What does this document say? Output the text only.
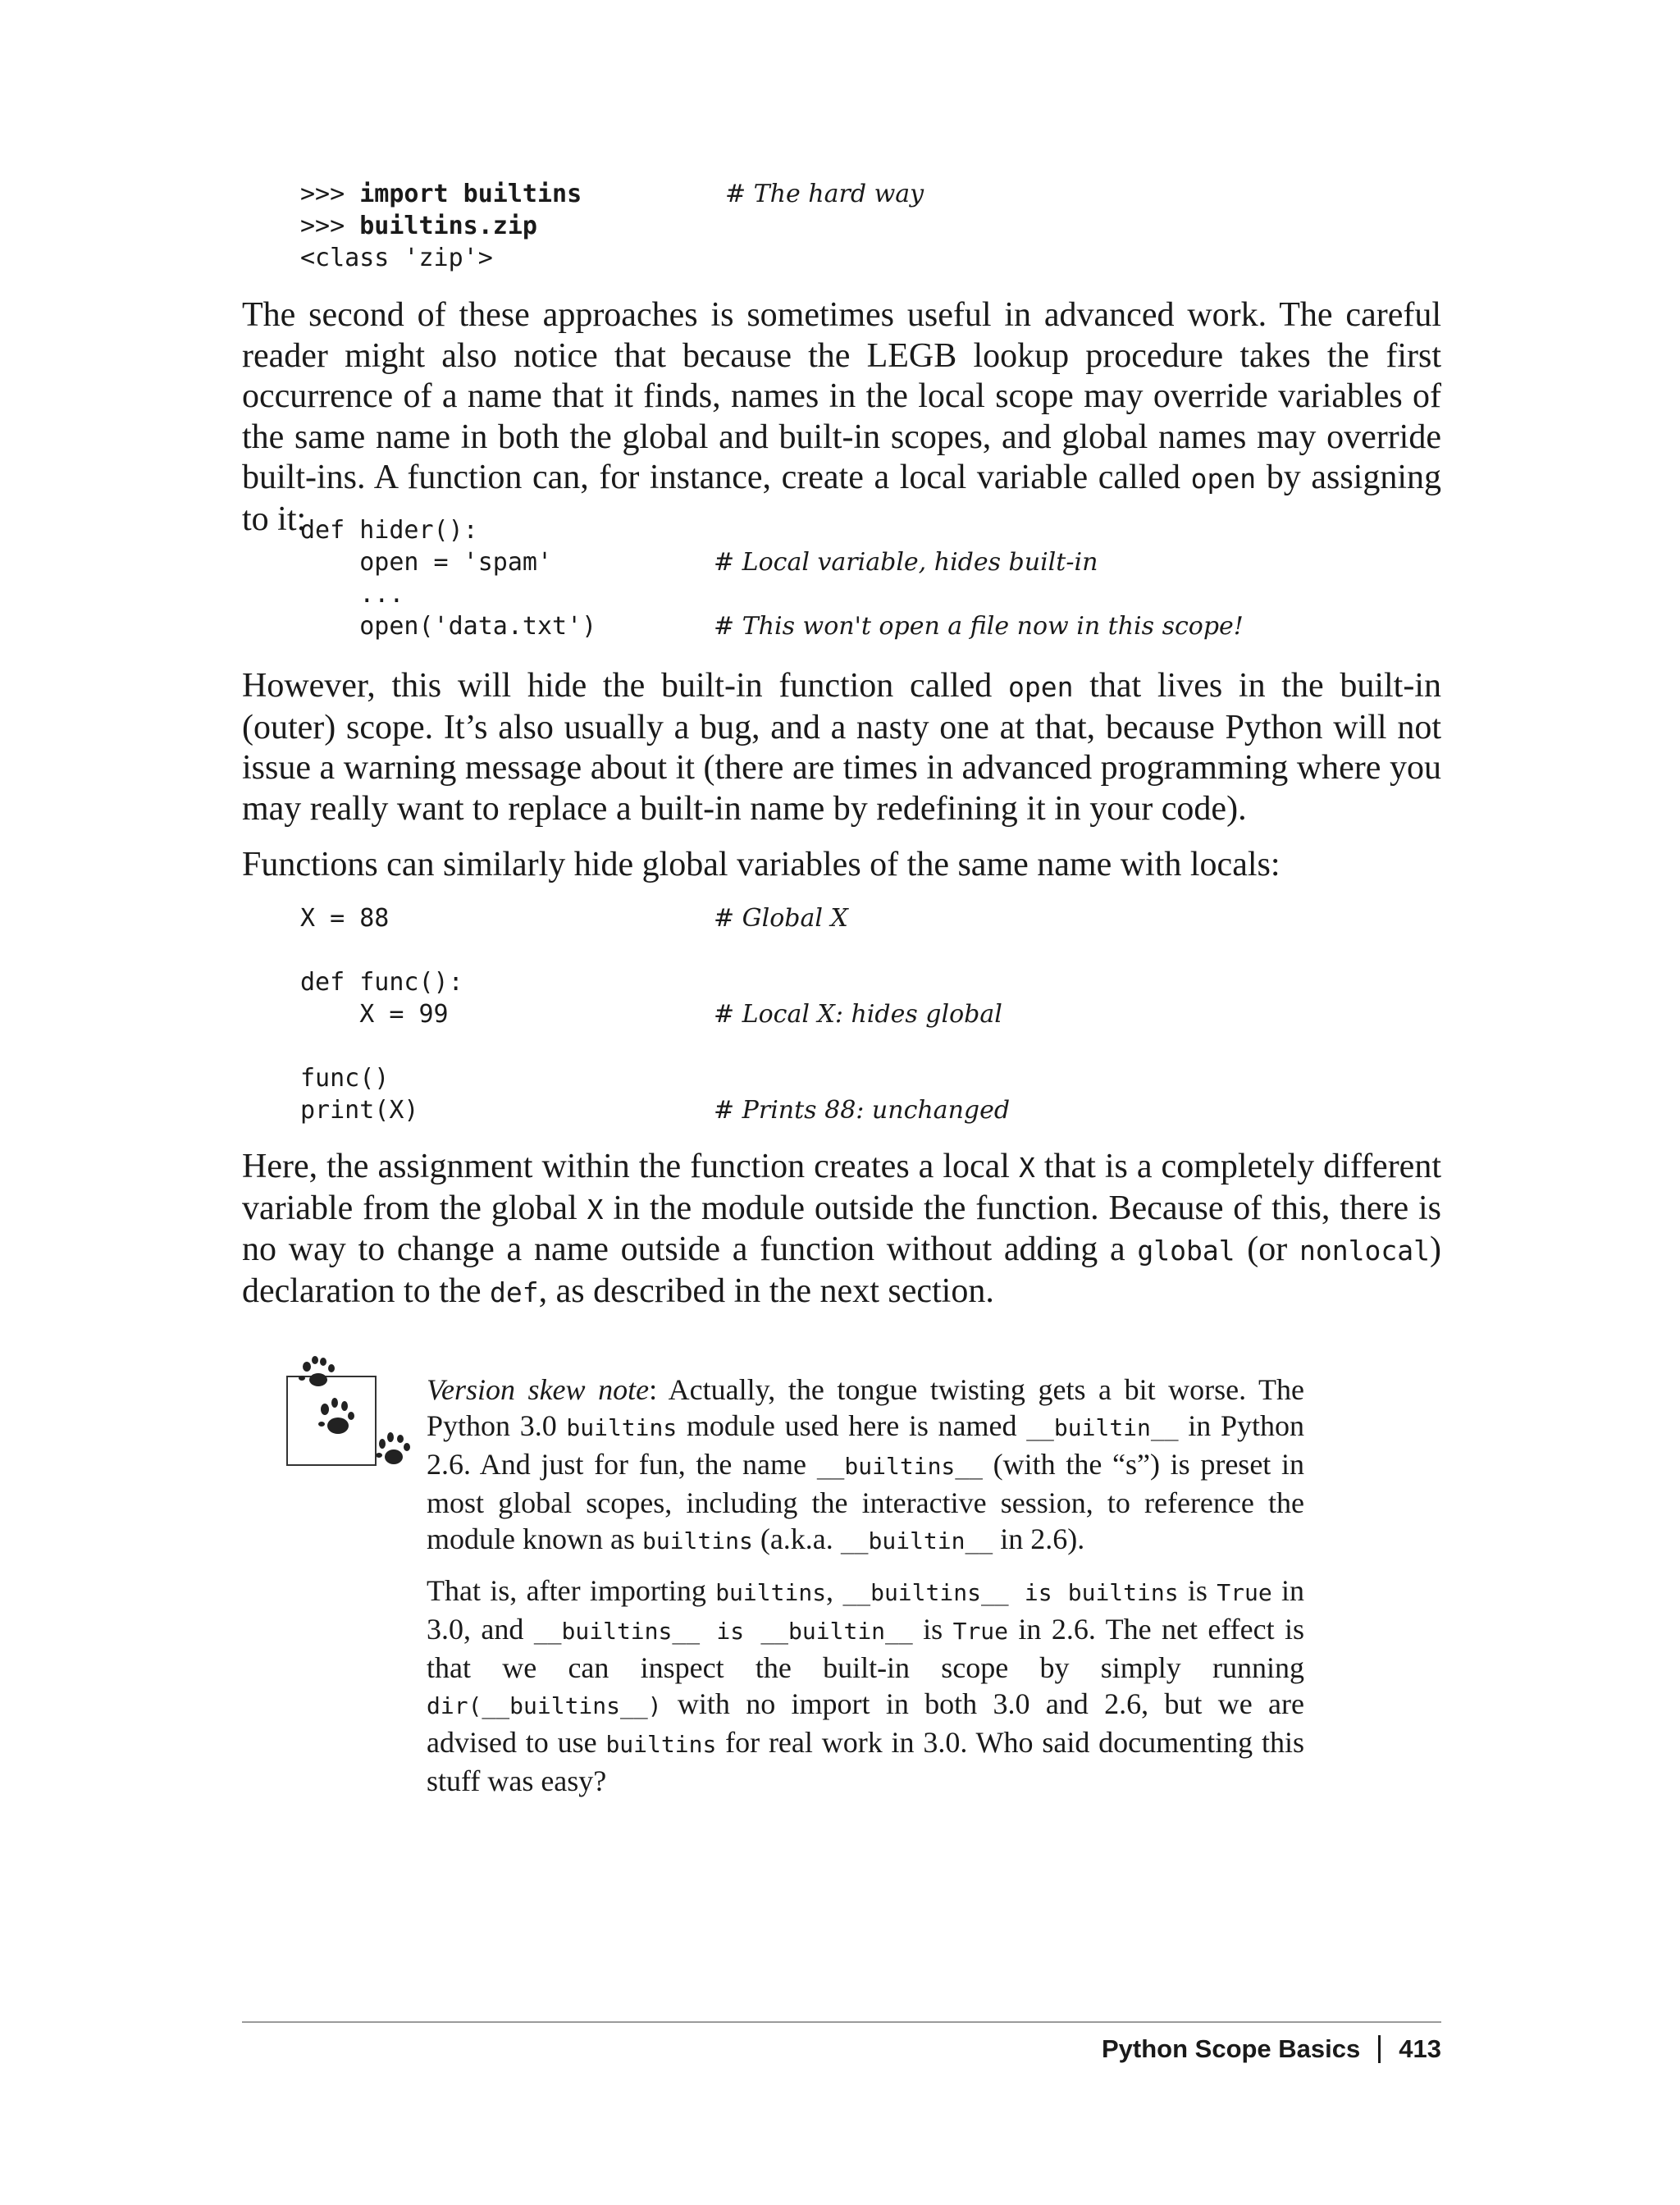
>>> import builtins

	# The hard way

>>> builtins.zip

<class 'zip'>

The second of these approaches is sometimes useful in advanced work. The careful reader might also notice that because the LEGB lookup procedure takes the first occurrence of a name that it finds, names in the local scope may override variables of the same name in both the global and built-in scopes, and global names may override built-ins. A function can, for instance, create a local variable called open by assigning to it:

def hider():

open = 'spam'

	# Local variable, hides built-in

...

open('data.txt')

	# This won't open a file now in this scope!

However, this will hide the built-in function called open that lives in the built-in (outer) scope. It’s also usually a bug, and a nasty one at that, because Python will not issue a warning message about it (there are times in advanced programming where you may really want to replace a built-in name by redefining it in your code).

Functions can similarly hide global variables of the same name with locals:

X = 88

	# Global X

def func():

X = 99

	# Local X: hides global

func()

print(X)

	# Prints 88: unchanged

Here, the assignment within the function creates a local X that is a completely different variable from the global X in the module outside the function. Because of this, there is no way to change a name outside a function without adding a global (or nonlocal) declaration to the def, as described in the next section.

Version skew note: Actually, the tongue twisting gets a bit worse. The Python 3.0 builtins module used here is named __builtin__ in Python 2.6. And just for fun, the name __builtins__ (with the “s”) is preset in most global scopes, including the interactive session, to reference the module known as builtins (a.k.a. __builtin__ in 2.6).

That is, after importing builtins, __builtins__ is builtins is True in 3.0, and __builtins__ is __builtin__ is True in 2.6. The net effect is that we can inspect the built-in scope by simply running dir(__builtins__) with no import in both 3.0 and 2.6, but we are advised to use builtins for real work in 3.0. Who said documenting this stuff was easy?

Python Scope Basics 413
